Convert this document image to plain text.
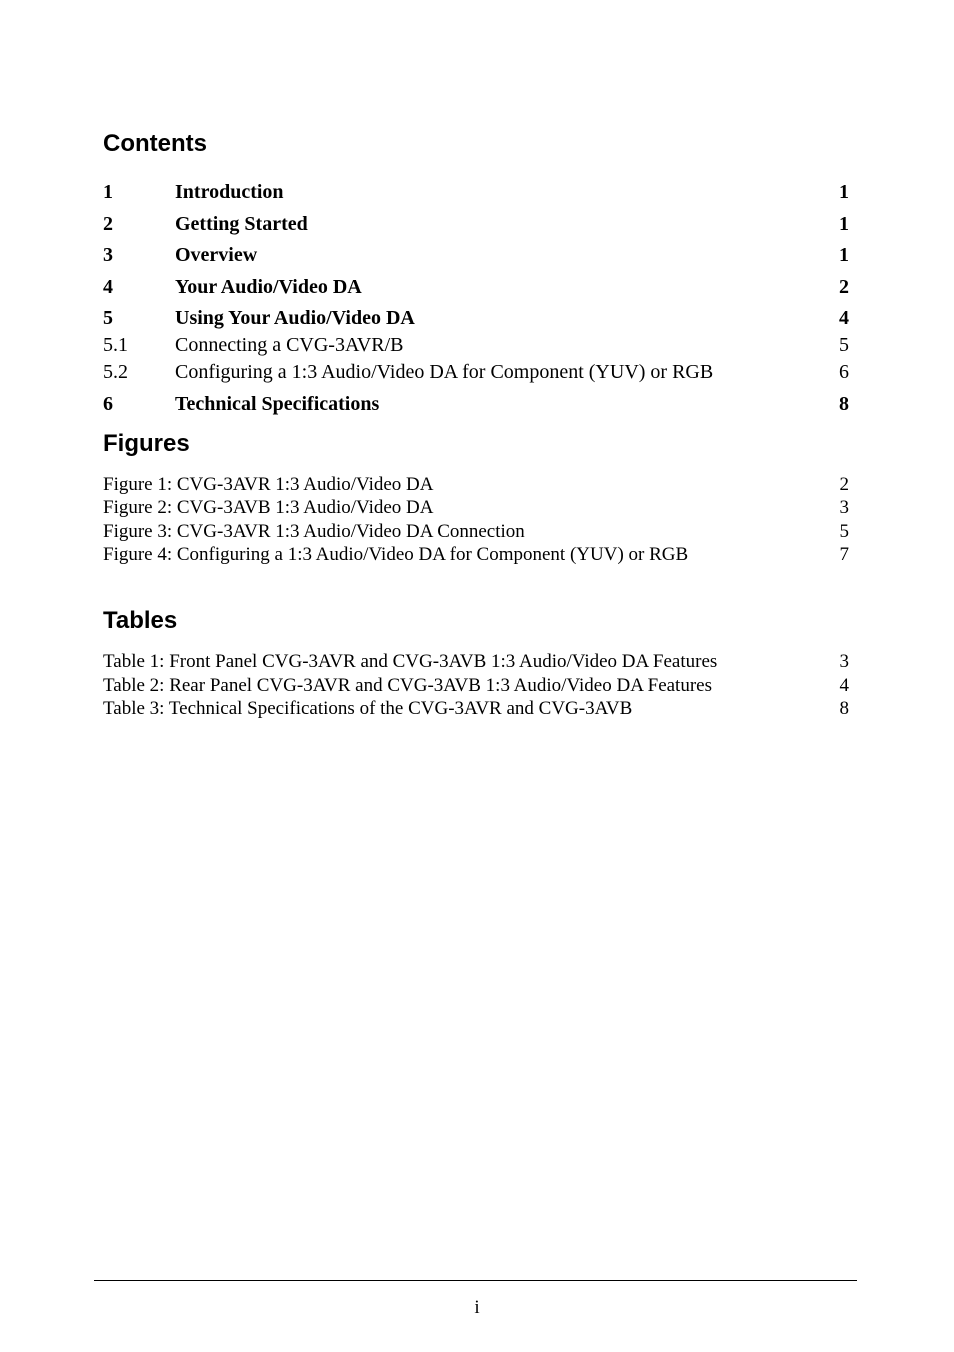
Contents
1	Introduction	1
2	Getting Started	1
3	Overview	1
4	Your Audio/Video DA	2
5	Using Your Audio/Video DA	4
5.1 Connecting a CVG-3AVR/B	5
5.2 Configuring a 1:3 Audio/Video DA for Component (YUV) or RGB	6
6	Technical Specifications	8
Figures
Figure 1: CVG-3AVR 1:3 Audio/Video DA	2
Figure 2: CVG-3AVB 1:3 Audio/Video DA	3
Figure 3: CVG-3AVR 1:3 Audio/Video DA Connection	5
Figure 4: Configuring a 1:3 Audio/Video DA for Component (YUV) or RGB	7
Tables
Table 1: Front Panel CVG-3AVR and CVG-3AVB 1:3 Audio/Video DA Features	3
Table 2: Rear Panel CVG-3AVR and CVG-3AVB 1:3 Audio/Video DA Features	4
Table 3: Technical Specifications of the CVG-3AVR and CVG-3AVB	8
i
